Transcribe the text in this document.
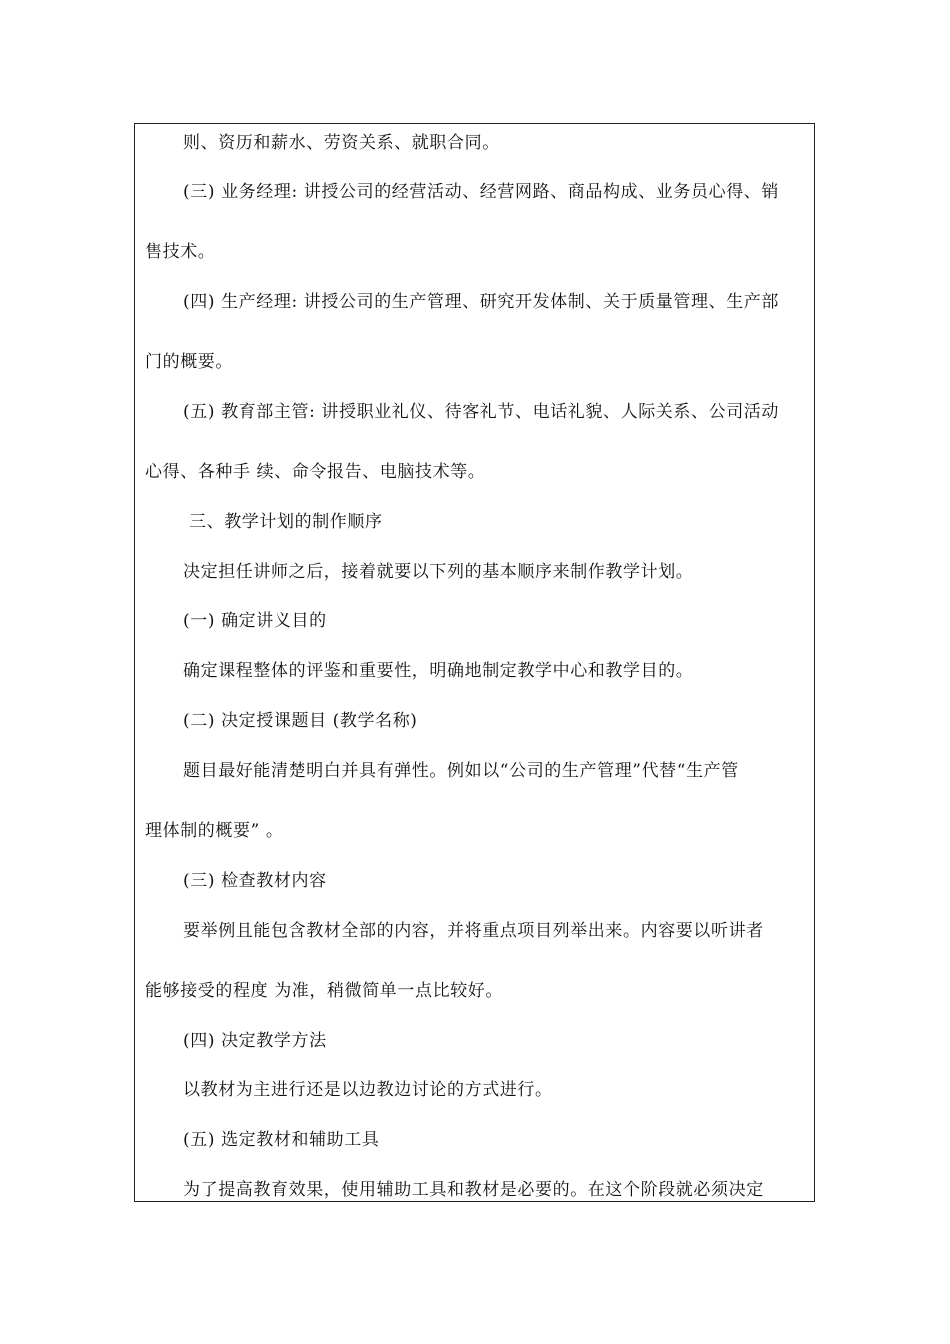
则、资历和薪水、劳资关系、就职合同。
(三) 业务经理: 讲授公司的经营活动、经营网路、商品构成、业务员心得、销
售技术。
(四) 生产经理: 讲授公司的生产管理、研究开发体制、关于质量管理、生产部
门的概要。
(五) 教育部主管: 讲授职业礼仪、待客礼节、电话礼貌、人际关系、公司活动
心得、各种手 续、命令报告、电脑技术等。
三、教学计划的制作顺序
决定担任讲师之后，接着就要以下列的基本顺序来制作教学计划。
(一) 确定讲义目的
确定课程整体的评鉴和重要性，明确地制定教学中心和教学目的。
(二) 决定授课题目 (教学名称)
题目最好能清楚明白并具有弹性。例如以“公司的生产管理”代替“生产管
理体制的概要” 。
(三) 检查教材内容
要举例且能包含教材全部的内容，并将重点项目列举出来。内容要以听讲者
能够接受的程度 为准，稍微简单一点比较好。
(四) 决定教学方法
以教材为主进行还是以边教边讨论的方式进行。
(五) 选定教材和辅助工具
为了提高教育效果，使用辅助工具和教材是必要的。在这个阶段就必须决定
